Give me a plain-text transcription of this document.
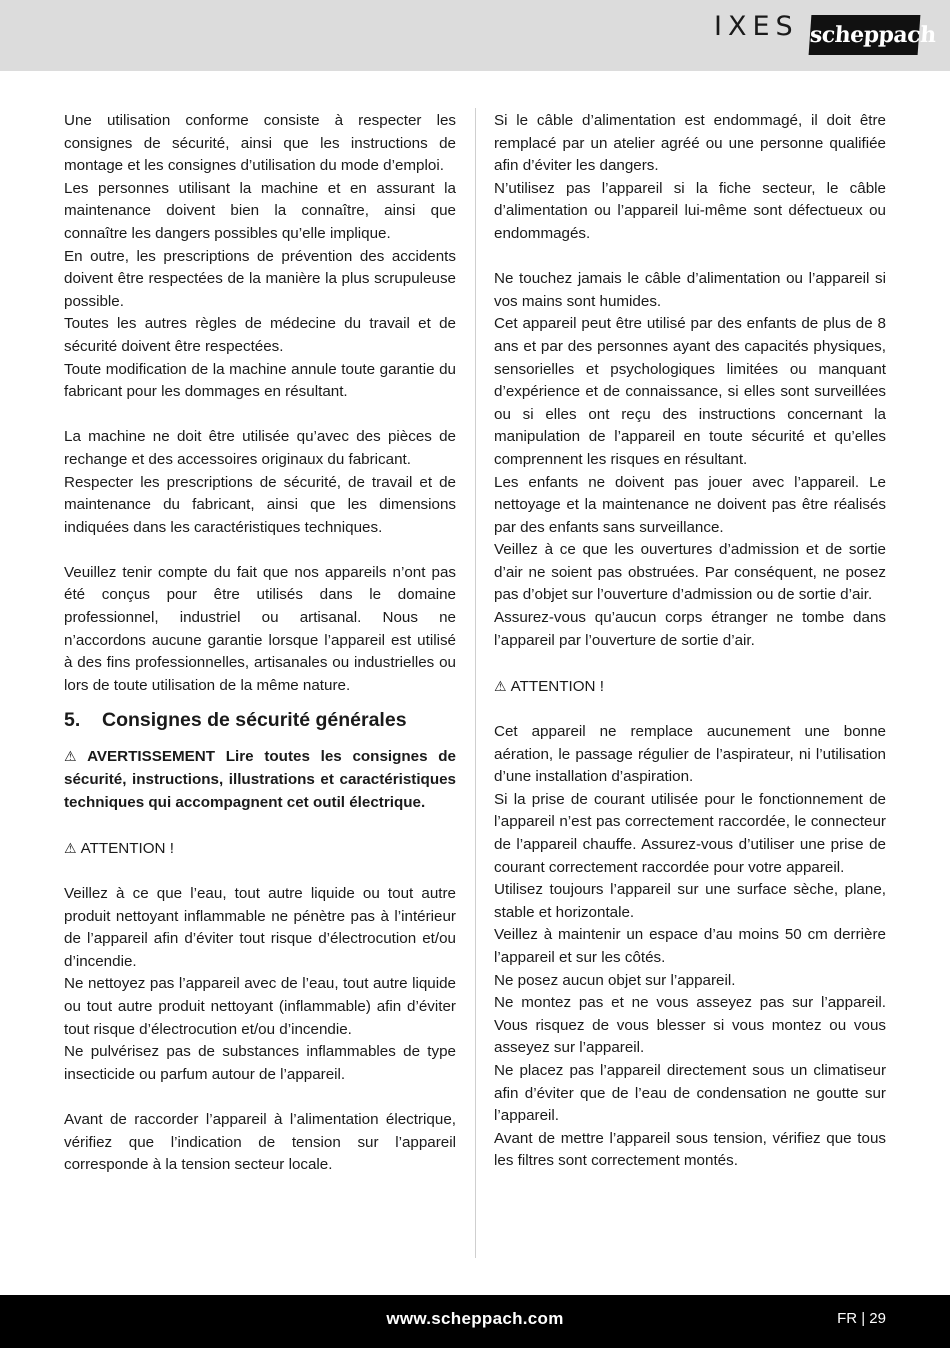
IXES scheppach

Une utilisation conforme consiste à respecter les consignes de sécurité, ainsi que les instructions de montage et les consignes d’utilisation du mode d’emploi.

Les personnes utilisant la machine et en assurant la maintenance doivent bien la connaître, ainsi que connaître les dangers possibles qu’elle implique.

En outre, les prescriptions de prévention des accidents doivent être respectées de la manière la plus scrupuleuse possible.

Toutes les autres règles de médecine du travail et de sécurité doivent être respectées.

Toute modification de la machine annule toute garantie du fabricant pour les dommages en résultant.

La machine ne doit être utilisée qu’avec des pièces de rechange et des accessoires originaux du fabricant.

Respecter les prescriptions de sécurité, de travail et de maintenance du fabricant, ainsi que les dimensions indiquées dans les caractéristiques techniques.

Veuillez tenir compte du fait que nos appareils n’ont pas été conçus pour être utilisés dans le domaine professionnel, industriel ou artisanal. Nous ne n’accordons aucune garantie lorsque l’appareil est utilisé à des fins professionnelles, artisanales ou industrielles ou lors de toute utilisation de la même nature.

5. Consignes de sécurité générales

⚠ AVERTISSEMENT Lire toutes les consignes de sécurité, instructions, illustrations et caractéristiques techniques qui accompagnent cet outil électrique.

⚠ ATTENTION !

Veillez à ce que l’eau, tout autre liquide ou tout autre produit nettoyant inflammable ne pénètre pas à l’intérieur de l’appareil afin d’éviter tout risque d’électrocution et/ou d’incendie.

Ne nettoyez pas l’appareil avec de l’eau, tout autre liquide ou tout autre produit nettoyant (inflammable) afin d’éviter tout risque d’électrocution et/ou d’incendie.

Ne pulvérisez pas de substances inflammables de type insecticide ou parfum autour de l’appareil.

Avant de raccorder l’appareil à l’alimentation électrique, vérifiez que l’indication de tension sur l’appareil corresponde à la tension secteur locale.

Si le câble d’alimentation est endommagé, il doit être remplacé par un atelier agréé ou une personne qualifiée afin d’éviter les dangers.

N’utilisez pas l’appareil si la fiche secteur, le câble d’alimentation ou l’appareil lui-même sont défectueux ou endommagés.

Ne touchez jamais le câble d’alimentation ou l’appareil si vos mains sont humides.

Cet appareil peut être utilisé par des enfants de plus de 8 ans et par des personnes ayant des capacités physiques, sensorielles et psychologiques limitées ou manquant d’expérience et de connaissance, si elles sont surveillées ou si elles ont reçu des instructions concernant la manipulation de l’appareil en toute sécurité et qu’elles comprennent les risques en résultant.

Les enfants ne doivent pas jouer avec l’appareil. Le nettoyage et la maintenance ne doivent pas être réalisés par des enfants sans surveillance.

Veillez à ce que les ouvertures d’admission et de sortie d’air ne soient pas obstruées. Par conséquent, ne posez pas d’objet sur l’ouverture d’admission ou de sortie d’air.

Assurez-vous qu’aucun corps étranger ne tombe dans l’appareil par l’ouverture de sortie d’air.

⚠ ATTENTION !

Cet appareil ne remplace aucunement une bonne aération, le passage régulier de l’aspirateur, ni l’utilisation d’une installation d’aspiration.

Si la prise de courant utilisée pour le fonctionnement de l’appareil n’est pas correctement raccordée, le connecteur de l’appareil chauffe. Assurez-vous d’utiliser une prise de courant correctement raccordée pour votre appareil.

Utilisez toujours l’appareil sur une surface sèche, plane, stable et horizontale.

Veillez à maintenir un espace d’au moins 50 cm derrière l’appareil et sur les côtés.

Ne posez aucun objet sur l’appareil.

Ne montez pas et ne vous asseyez pas sur l’appareil. Vous risquez de vous blesser si vous montez ou vous asseyez sur l’appareil.

Ne placez pas l’appareil directement sous un climatiseur afin d’éviter que de l’eau de condensation ne goutte sur l’appareil.

Avant de mettre l’appareil sous tension, vérifiez que tous les filtres sont correctement montés.

www.scheppach.com	FR | 29
